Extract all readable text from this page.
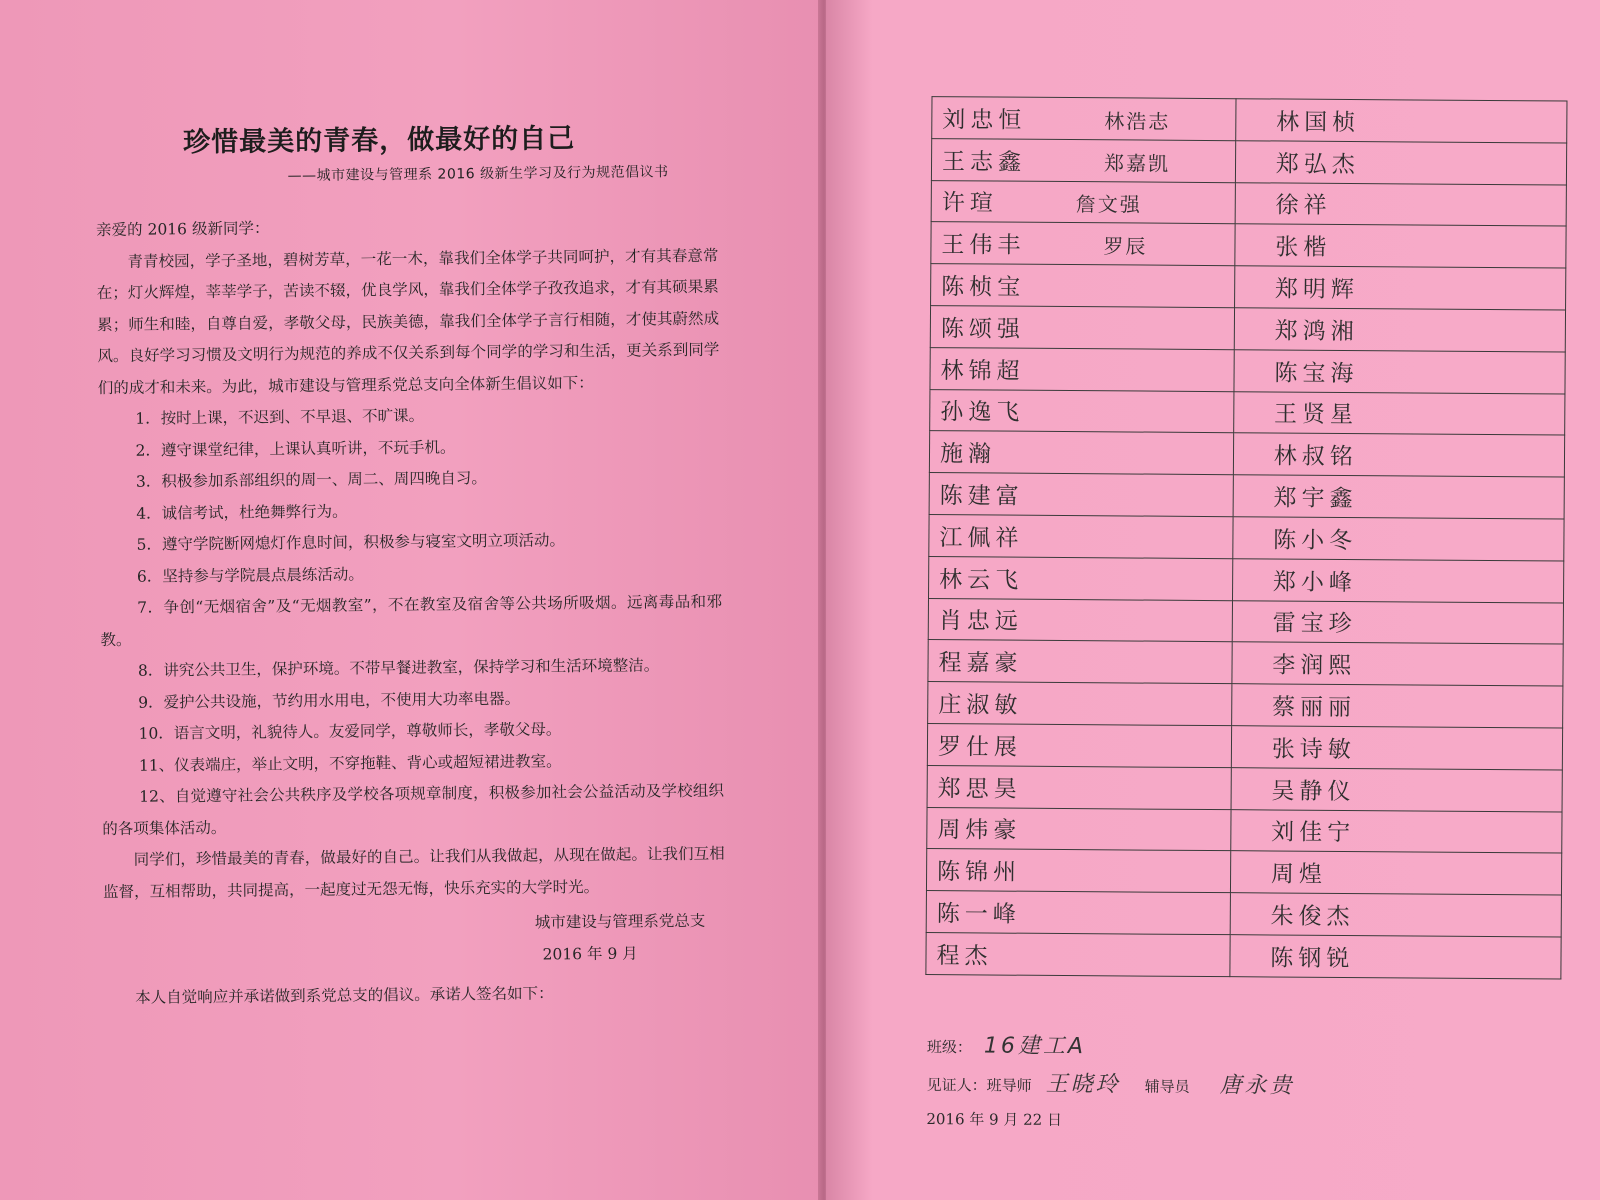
珍惜最美的青春，做最好的自己
——城市建设与管理系 2016 级新生学习及行为规范倡议书

亲爱的 2016 级新同学：

青青校园，学子圣地，碧树芳草，一花一木，靠我们全体学子共同呵护，才有其春意常在；灯火辉煌，莘莘学子，苦读不辍，优良学风，靠我们全体学子孜孜追求，才有其硕果累累；师生和睦，自尊自爱，孝敬父母，民族美德，靠我们全体学子言行相随，才使其蔚然成风。良好学习习惯及文明行为规范的养成不仅关系到每个同学的学习和生活，更关系到同学们的成才和未来。为此，城市建设与管理系党总支向全体新生倡议如下：

1．按时上课，不迟到、不早退、不旷课。

2．遵守课堂纪律，上课认真听讲，不玩手机。

3．积极参加系部组织的周一、周二、周四晚自习。

4．诚信考试，杜绝舞弊行为。

5．遵守学院断网熄灯作息时间，积极参与寝室文明立项活动。

6．坚持参与学院晨点晨练活动。

7．争创“无烟宿舍”及“无烟教室”，不在教室及宿舍等公共场所吸烟。远离毒品和邪教。

8．讲究公共卫生，保护环境。不带早餐进教室，保持学习和生活环境整洁。

9．爱护公共设施，节约用水用电，不使用大功率电器。

10．语言文明，礼貌待人。友爱同学，尊敬师长，孝敬父母。

11、仪表端庄，举止文明，不穿拖鞋、背心或超短裙进教室。

12、自觉遵守社会公共秩序及学校各项规章制度，积极参加社会公益活动及学校组织的各项集体活动。

同学们，珍惜最美的青春，做最好的自己。让我们从我做起，从现在做起。让我们互相监督，互相帮助，共同提高，一起度过无怨无悔，快乐充实的大学时光。

城市建设与管理系党总支

2016 年 9 月

本人自觉响应并承诺做到系党总支的倡议。承诺人签名如下：

刘忠恒 林浩志	林国桢
王志鑫 郑嘉凯	郑弘杰
许瑄 詹文强	徐祥
王伟丰 罗辰	张楷
陈桢宝	郑明辉
陈颂强	郑鸿湘
林锦超	陈宝海
孙逸飞	王贤星
施瀚	林叔铭
陈建富	郑宇鑫
江佩祥	陈小冬
林云飞	郑小峰
肖忠远	雷宝珍
程嘉豪	李润熙
庄淑敏	蔡丽丽
罗仕展	张诗敏
郑思昊	吴静仪
周炜豪	刘佳宁
陈锦州	周煌
陈一峰	朱俊杰
程杰	陈钢锐
班级： 16建工A
见证人：班导师 王晓玲 辅导员 唐永贵
2016 年 9 月 22 日
